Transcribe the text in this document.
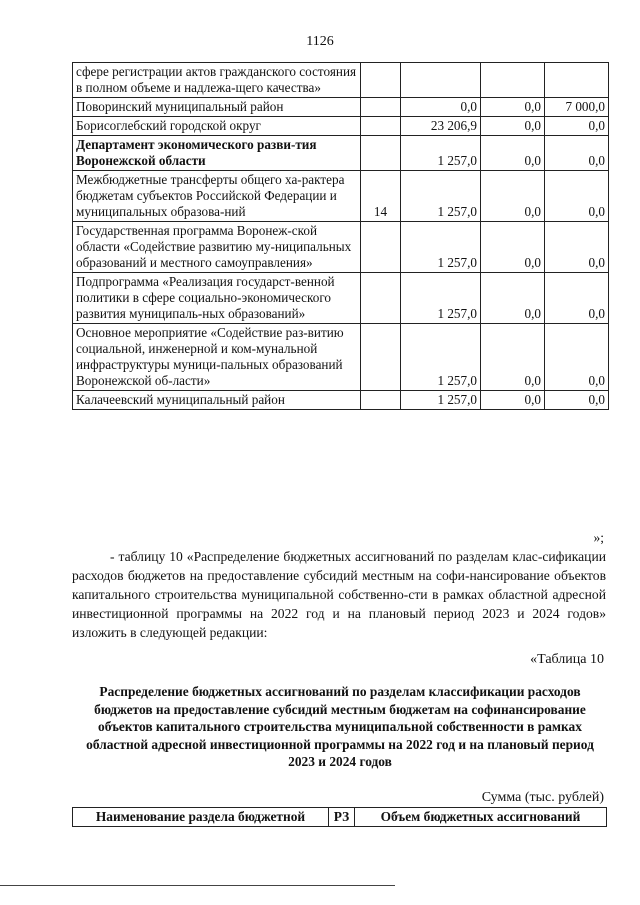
1126
сфере регистрации актов гражданского состояния в полном объеме и надлежа-щего качества»				
Поворинский муниципальный район		0,0	0,0	7 000,0
Борисоглебский городской округ		23 206,9	0,0	0,0
Департамент экономического разви-тия Воронежской области		1 257,0	0,0	0,0
Межбюджетные трансферты общего ха-рактера бюджетам субъектов Российской Федерации и муниципальных образова-ний	14	1 257,0	0,0	0,0
Государственная программа Воронеж-ской области «Содействие развитию му-ниципальных образований и местного самоуправления»		1 257,0	0,0	0,0
Подпрограмма «Реализация государст-венной политики в сфере социально-экономического развития муниципаль-ных образований»		1 257,0	0,0	0,0
Основное мероприятие «Содействие раз-витию социальной, инженерной и ком-мунальной инфраструктуры муници-пальных образований Воронежской об-ласти»		1 257,0	0,0	0,0
Калачеевский муниципальный район		1 257,0	0,0	0,0
»;

- таблицу 10 «Распределение бюджетных ассигнований по разделам клас-сификации расходов бюджетов на предоставление субсидий местным на софи-нансирование объектов капитального строительства муниципальной собственно-сти в рамках областной адресной инвестиционной программы на 2022 год и на плановый период 2023 и 2024 годов» изложить в следующей редакции:

«Таблица 10

Распределение бюджетных ассигнований по разделам классификации расходов бюджетов на предоставление субсидий местным бюджетам на софинансирование объектов капитального строительства муниципальной собственности в рамках областной адресной инвестиционной программы на 2022 год и на плановый период 2023 и 2024 годов

Сумма (тыс. рублей)
Наименование раздела бюджетной	РЗ	Объем бюджетных ассигнований
